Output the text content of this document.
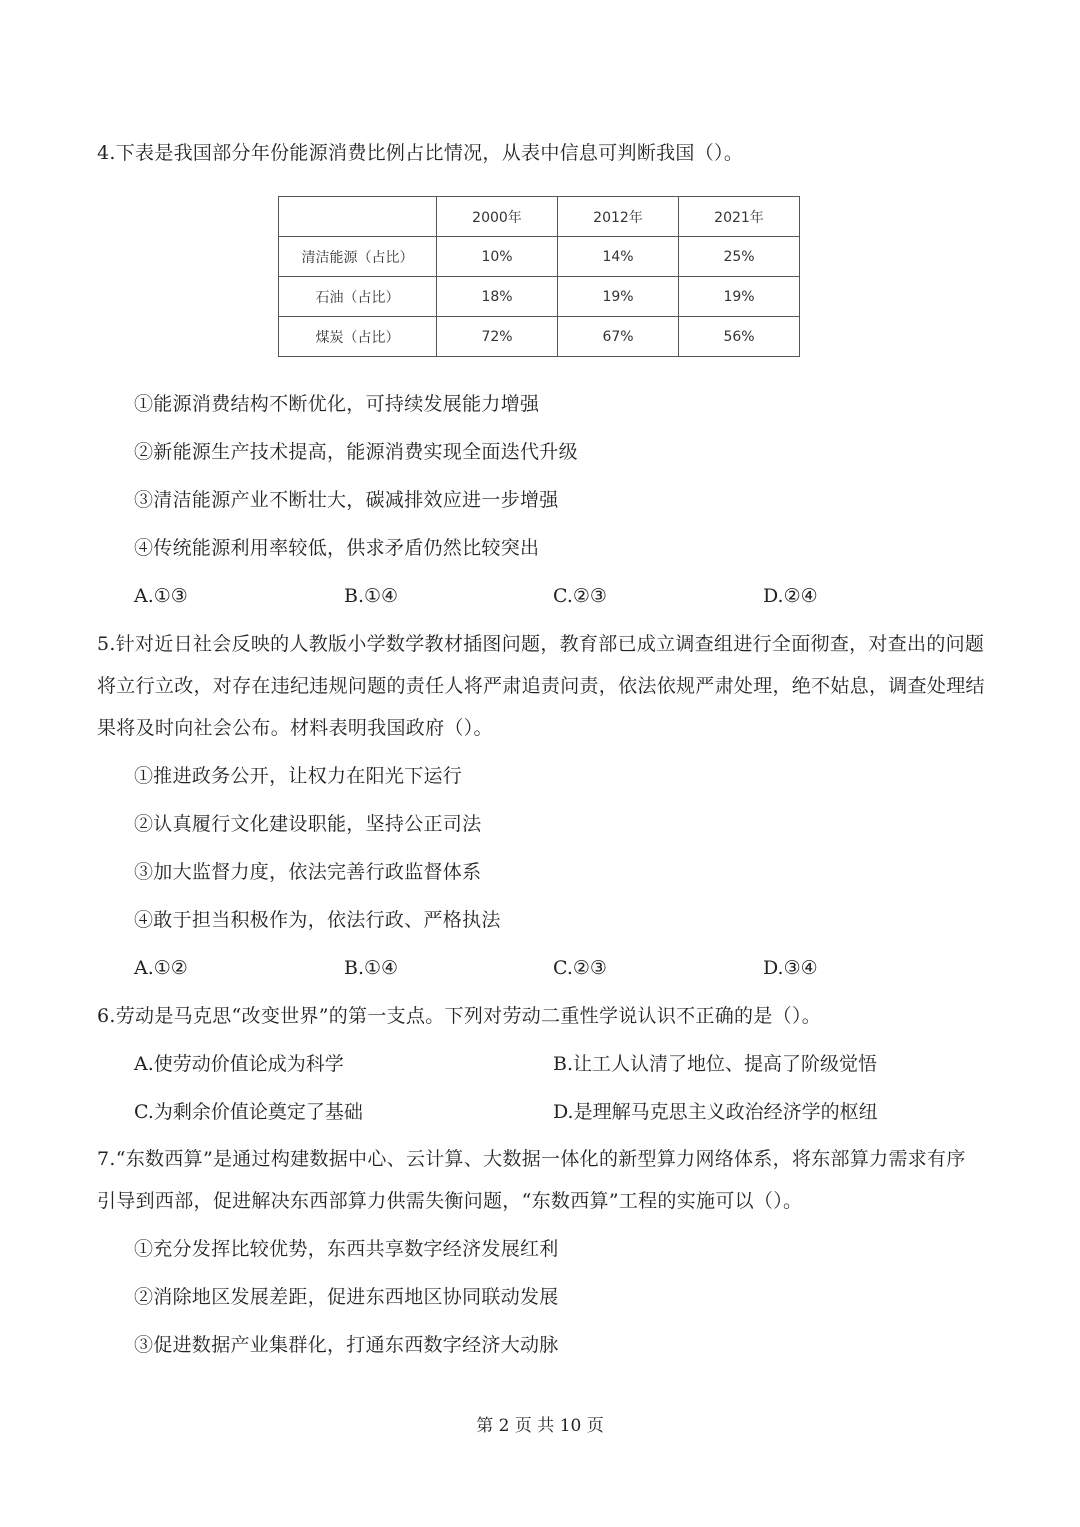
4.下表是我国部分年份能源消费比例占比情况，从表中信息可判断我国（）。
	2000年	2012年	2021年
清洁能源（占比）	10%	14%	25%
石油（占比）	18%	19%	19%
煤炭（占比）	72%	67%	56%
①能源消费结构不断优化，可持续发展能力增强
②新能源生产技术提高，能源消费实现全面迭代升级
③清洁能源产业不断壮大，碳减排效应进一步增强
④传统能源利用率较低，供求矛盾仍然比较突出
A.①③	B.①④	C.②③	D.②④
5.针对近日社会反映的人教版小学数学教材插图问题，教育部已成立调查组进行全面彻查，对查出的问题
将立行立改，对存在违纪违规问题的责任人将严肃追责问责，依法依规严肃处理，绝不姑息，调查处理结
果将及时向社会公布。材料表明我国政府（）。
①推进政务公开，让权力在阳光下运行
②认真履行文化建设职能，坚持公正司法
③加大监督力度，依法完善行政监督体系
④敢于担当积极作为，依法行政、严格执法
A.①②	B.①④	C.②③	D.③④
6.劳动是马克思“改变世界”的第一支点。下列对劳动二重性学说认识不正确的是（）。
A.使劳动价值论成为科学	B.让工人认清了地位、提高了阶级觉悟
C.为剩余价值论奠定了基础	D.是理解马克思主义政治经济学的枢纽
7.“东数西算”是通过构建数据中心、云计算、大数据一体化的新型算力网络体系，将东部算力需求有序
引导到西部，促进解决东西部算力供需失衡问题，“东数西算”工程的实施可以（）。
①充分发挥比较优势，东西共享数字经济发展红利
②消除地区发展差距，促进东西地区协同联动发展
③促进数据产业集群化，打通东西数字经济大动脉
第 2 页 共 10 页
